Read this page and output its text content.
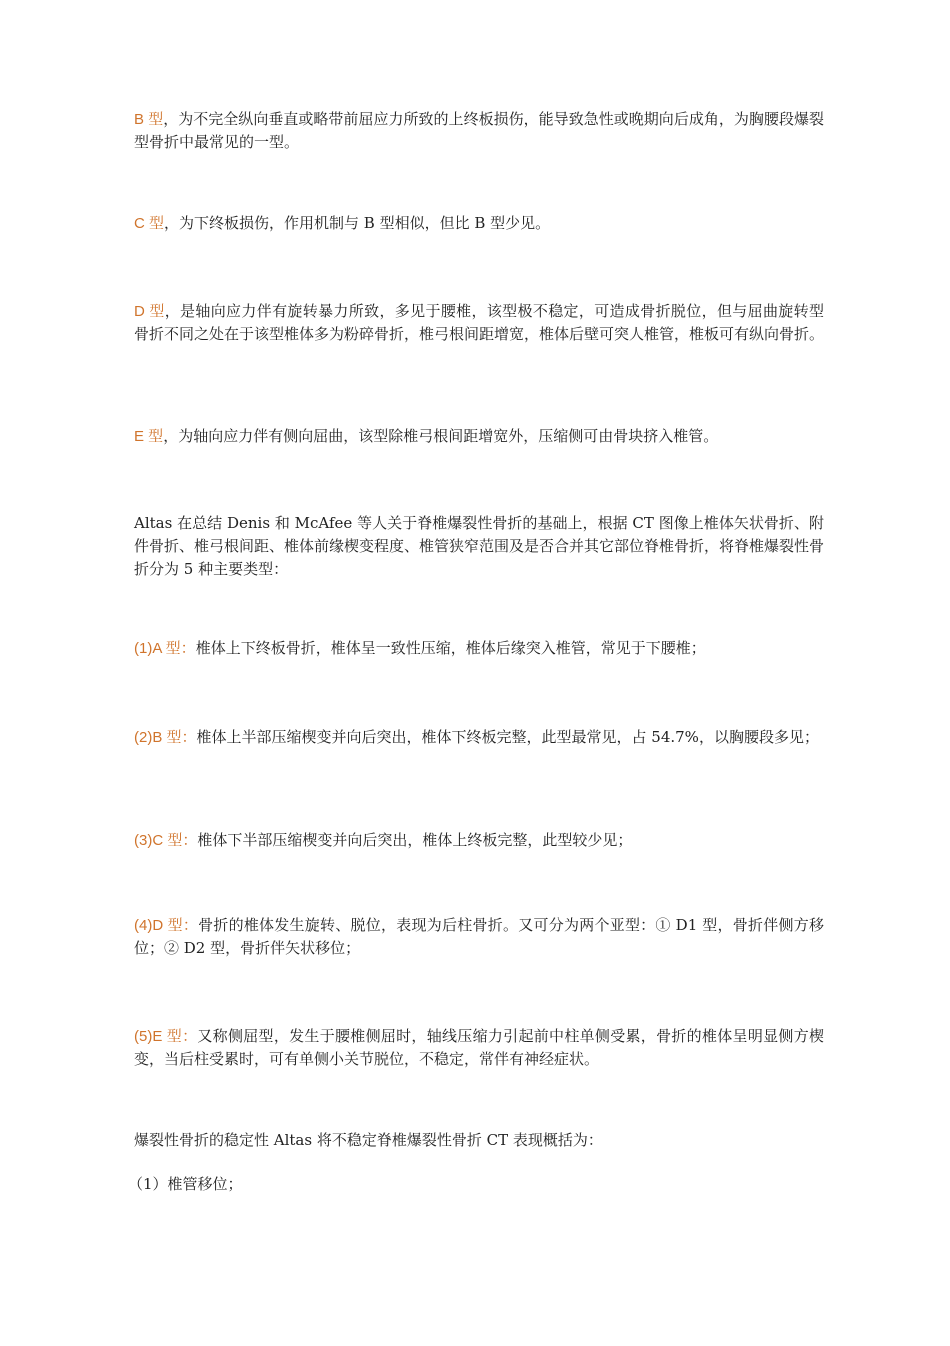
B 型，为不完全纵向垂直或略带前屈应力所致的上终板损伤，能导致急性或晚期向后成角，为胸腰段爆裂型骨折中最常见的一型。

C 型，为下终板损伤，作用机制与 B 型相似，但比 B 型少见。

D 型，是轴向应力伴有旋转暴力所致，多见于腰椎，该型极不稳定，可造成骨折脱位，但与屈曲旋转型骨折不同之处在于该型椎体多为粉碎骨折，椎弓根间距增宽，椎体后壁可突人椎管，椎板可有纵向骨折。

E 型，为轴向应力伴有侧向屈曲，该型除椎弓根间距增宽外，压缩侧可由骨块挤入椎管。

Altas 在总结 Denis 和 McAfee 等人关于脊椎爆裂性骨折的基础上，根据 CT 图像上椎体矢状骨折、附件骨折、椎弓根间距、椎体前缘楔变程度、椎管狭窄范围及是否合并其它部位脊椎骨折，将脊椎爆裂性骨折分为 5 种主要类型：

(1)A 型：椎体上下终板骨折，椎体呈一致性压缩，椎体后缘突入椎管，常见于下腰椎；

(2)B 型：椎体上半部压缩楔变并向后突出，椎体下终板完整，此型最常见，占 54.7%，以胸腰段多见；

(3)C 型：椎体下半部压缩楔变并向后突出，椎体上终板完整，此型较少见；

(4)D 型：骨折的椎体发生旋转、脱位，表现为后柱骨折。又可分为两个亚型：① D1 型，骨折伴侧方移位；② D2 型，骨折伴矢状移位；

(5)E 型：又称侧屈型，发生于腰椎侧屈时，轴线压缩力引起前中柱单侧受累，骨折的椎体呈明显侧方楔变，当后柱受累时，可有单侧小关节脱位，不稳定，常伴有神经症状。

爆裂性骨折的稳定性 Altas 将不稳定脊椎爆裂性骨折 CT 表现概括为：

（1）椎管移位；
